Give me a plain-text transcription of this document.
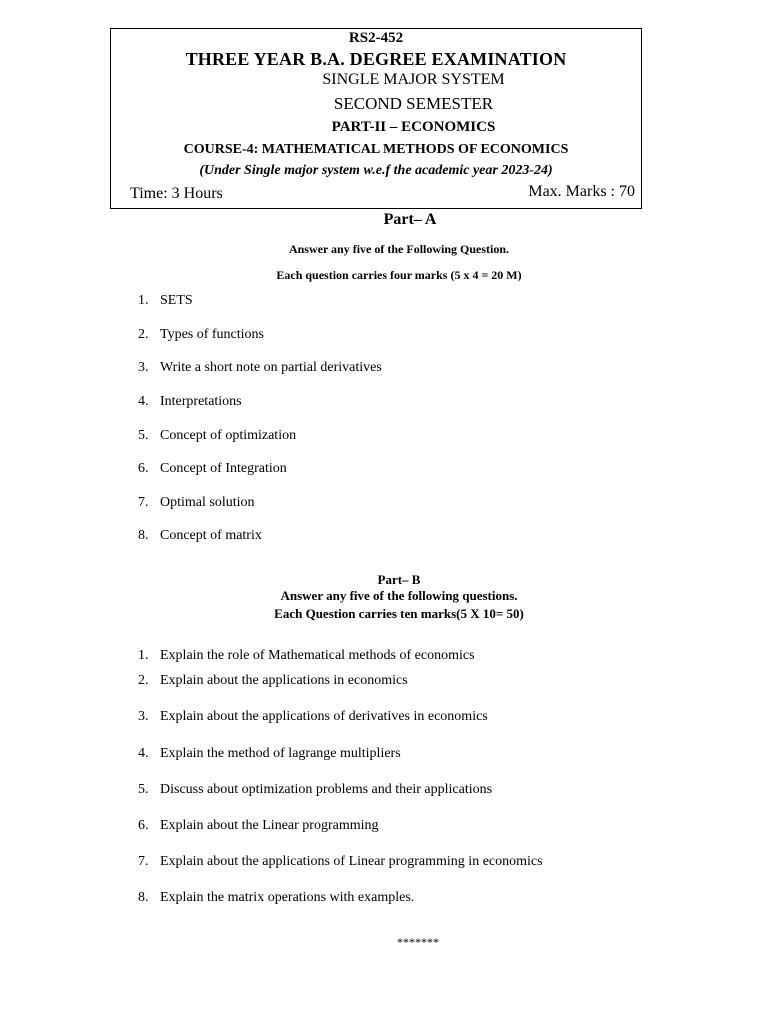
RS2-452
THREE YEAR B.A. DEGREE EXAMINATION
SINGLE MAJOR SYSTEM
SECOND SEMESTER
PART-II – ECONOMICS
COURSE-4: MATHEMATICAL METHODS OF ECONOMICS
(Under Single major system w.e.f the academic year 2023-24)
Time: 3 Hours	Max. Marks : 70
Part– A
Answer any five of the Following Question.
Each question carries four marks (5 x 4 = 20 M)
1. SETS
2. Types of functions
3. Write a short note on partial derivatives
4. Interpretations
5. Concept of optimization
6. Concept of Integration
7. Optimal solution
8. Concept of matrix
Part– B
Answer any five of the following questions.
Each Question carries ten marks(5 X 10= 50)
1. Explain the role of Mathematical methods of economics
2. Explain about the applications in economics
3. Explain about the applications of derivatives in economics
4. Explain the method of lagrange multipliers
5. Discuss about optimization problems and their applications
6. Explain about the Linear programming
7. Explain about the applications of Linear programming in economics
8. Explain the matrix operations with examples.
*******
